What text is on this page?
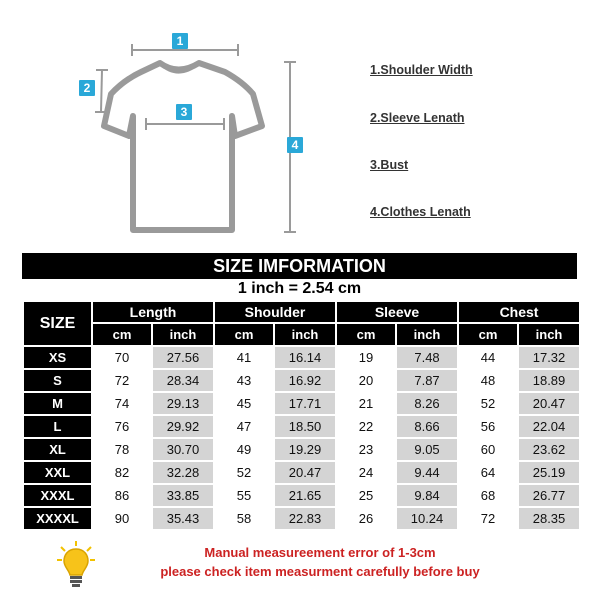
1
2
3
4
1.Shoulder Width
2.Sleeve Lenath
3.Bust
4.Clothes Lenath
SIZE IMFORMATION
1 inch = 2.54 cm
SIZE	Length		Shoulder		Sleeve		Chest	
	cm	inch	cm	inch	cm	inch	cm	inch
XS	70	27.56	41	16.14	19	7.48	44	17.32
S	72	28.34	43	16.92	20	7.87	48	18.89
M	74	29.13	45	17.71	21	8.26	52	20.47
L	76	29.92	47	18.50	22	8.66	56	22.04
XL	78	30.70	49	19.29	23	9.05	60	23.62
XXL	82	32.28	52	20.47	24	9.44	64	25.19
XXXL	86	33.85	55	21.65	25	9.84	68	26.77
XXXXL	90	35.43	58	22.83	26	10.24	72	28.35
Manual measureement error of 1-3cm
please check item measurment carefully before buy
